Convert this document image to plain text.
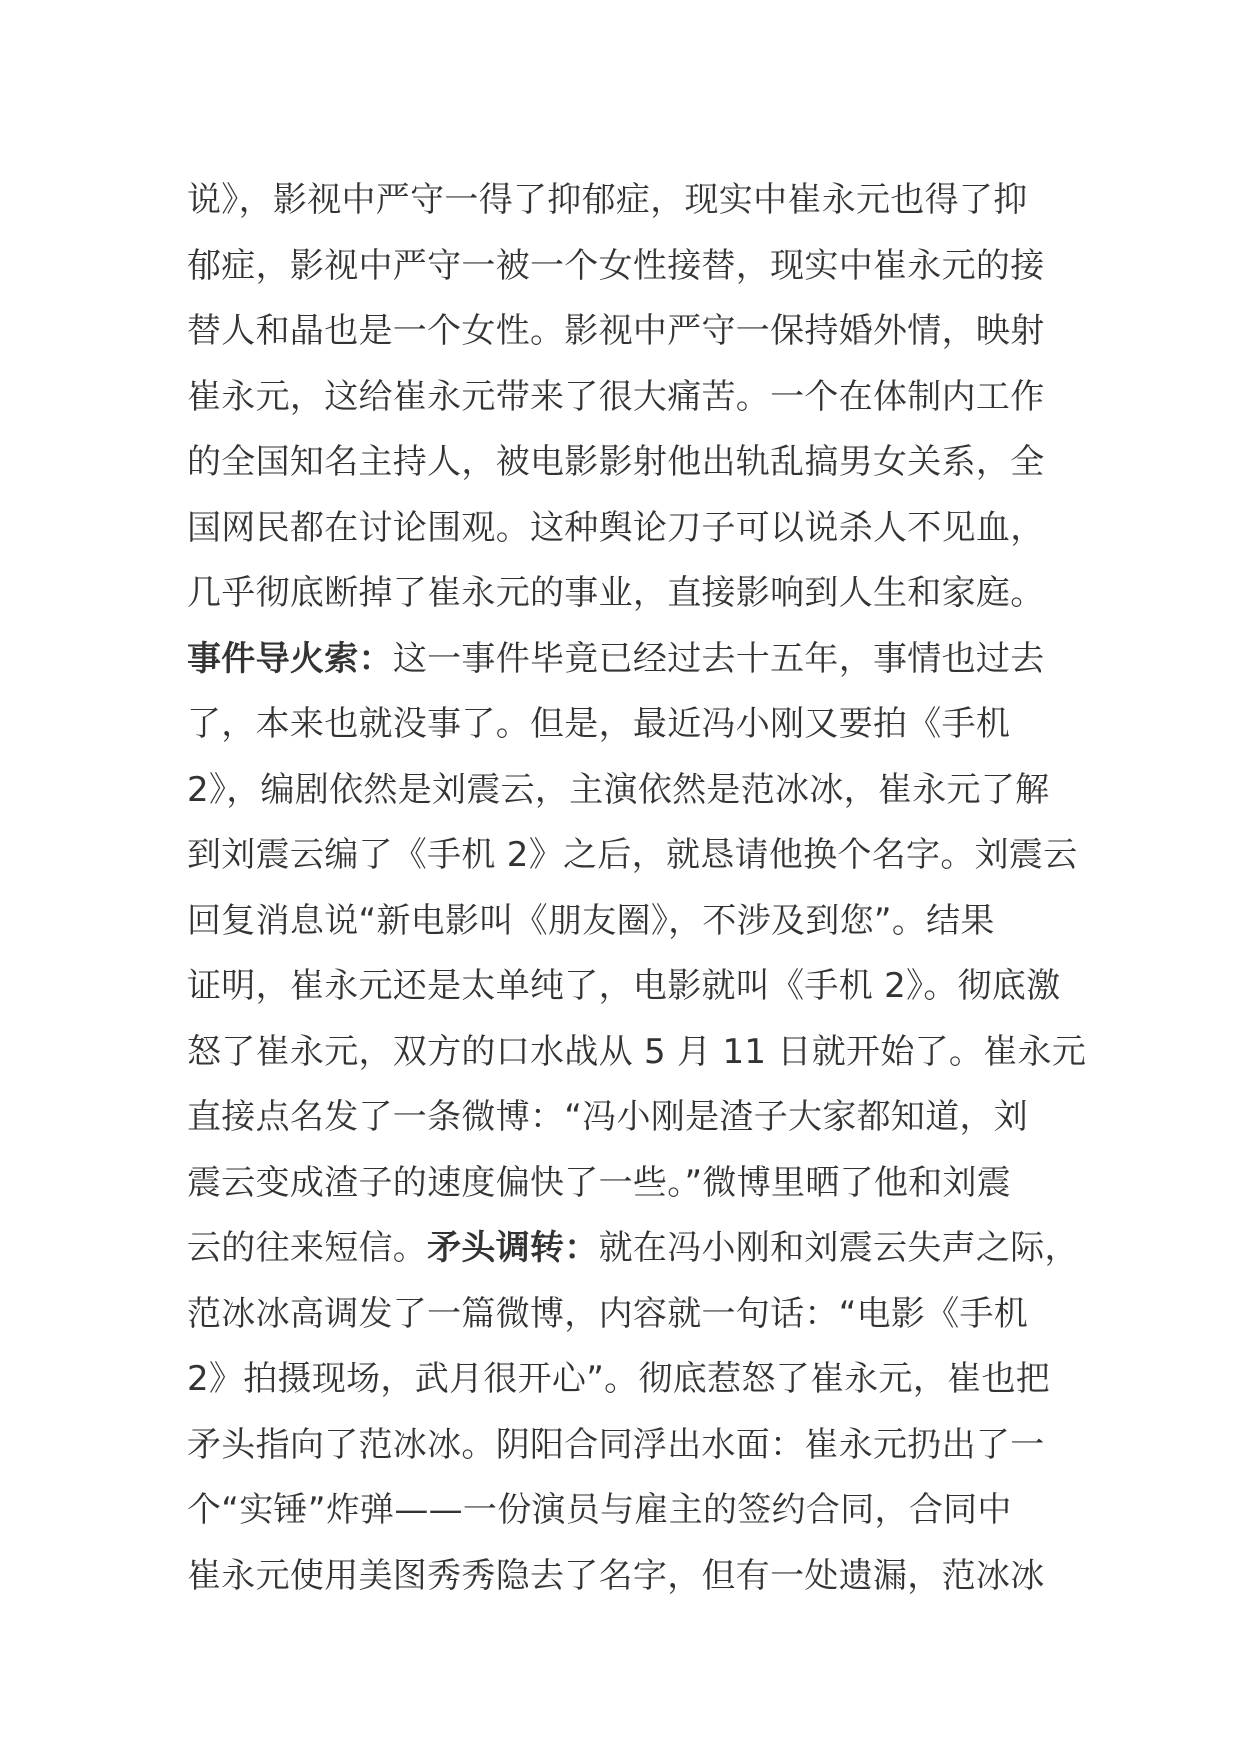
说》，影视中严守一得了抑郁症，现实中崔永元也得了抑
郁症，影视中严守一被一个女性接替，现实中崔永元的接
替人和晶也是一个女性。影视中严守一保持婚外情，映射
崔永元，这给崔永元带来了很大痛苦。一个在体制内工作
的全国知名主持人，被电影影射他出轨乱搞男女关系，全
国网民都在讨论围观。这种舆论刀子可以说杀人不见血，
几乎彻底断掉了崔永元的事业，直接影响到人生和家庭。
事件导火索：这一事件毕竟已经过去十五年，事情也过去
了，本来也就没事了。但是，最近冯小刚又要拍《手机
2》，编剧依然是刘震云，主演依然是范冰冰，崔永元了解
到刘震云编了《手机 2》之后，就恳请他换个名字。刘震云
回复消息说“新电影叫《朋友圈》，不涉及到您”。结果
证明，崔永元还是太单纯了，电影就叫《手机 2》。彻底激
怒了崔永元，双方的口水战从 5 月 11 日就开始了。崔永元
直接点名发了一条微博：“冯小刚是渣子大家都知道，刘
震云变成渣子的速度偏快了一些。”微博里晒了他和刘震
云的往来短信。矛头调转：就在冯小刚和刘震云失声之际，
范冰冰高调发了一篇微博，内容就一句话：“电影《手机
2》拍摄现场，武月很开心”。彻底惹怒了崔永元，崔也把
矛头指向了范冰冰。阴阳合同浮出水面：崔永元扔出了一
个“实锤”炸弹——一份演员与雇主的签约合同，合同中
崔永元使用美图秀秀隐去了名字，但有一处遗漏，范冰冰
